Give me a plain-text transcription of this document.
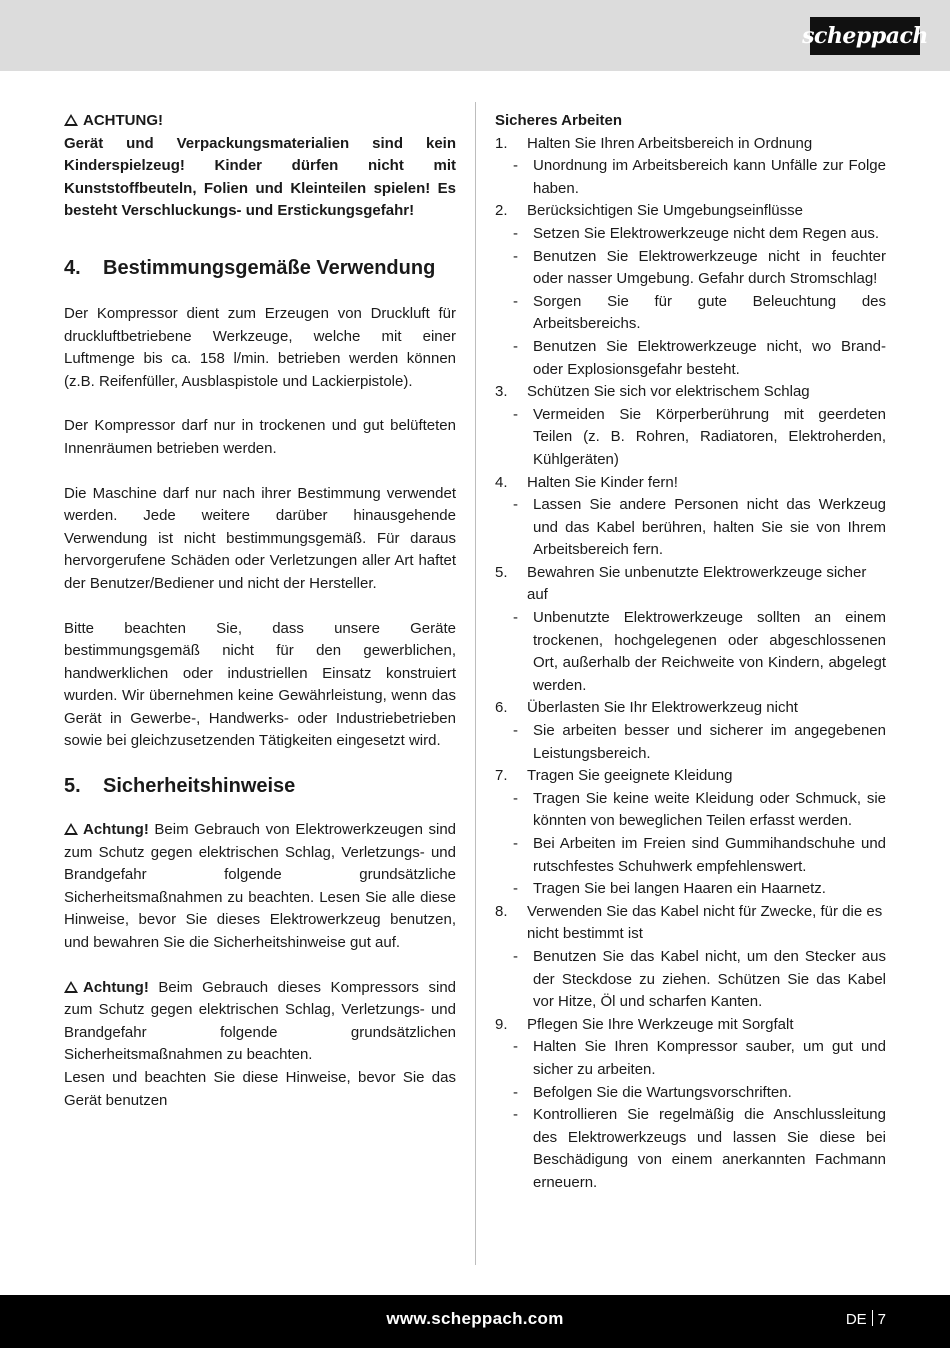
scheppach
ACHTUNG!
Gerät und Verpackungsmaterialien sind kein Kinderspielzeug! Kinder dürfen nicht mit Kunststoffbeuteln, Folien und Kleinteilen spielen! Es besteht Verschluckungs- und Erstickungsgefahr!
4.	Bestimmungsgemäße Verwendung

Der Kompressor dient zum Erzeugen von Druckluft für druckluftbetriebene Werkzeuge, welche mit einer Luftmenge bis ca. 158 l/min. betrieben werden können (z.B. Reifenfüller, Ausblaspistole und Lackierpistole).

Der Kompressor darf nur in trockenen und gut belüfteten Innenräumen betrieben werden.

Die Maschine darf nur nach ihrer Bestimmung verwendet werden. Jede weitere darüber hinausgehende Verwendung ist nicht bestimmungsgemäß. Für daraus hervorgerufene Schäden oder Verletzungen aller Art haftet der Benutzer/Bediener und nicht der Hersteller.

Bitte beachten Sie, dass unsere Geräte bestimmungsgemäß nicht für den gewerblichen, handwerklichen oder industriellen Einsatz konstruiert wurden. Wir übernehmen keine Gewährleistung, wenn das Gerät in Gewerbe-, Handwerks- oder Industriebetrieben sowie bei gleichzusetzenden Tätigkeiten eingesetzt wird.

5.	Sicherheitshinweise

Achtung! Beim Gebrauch von Elektrowerkzeugen sind zum Schutz gegen elektrischen Schlag, Verletzungs- und Brandgefahr folgende grundsätzliche Sicherheitsmaßnahmen zu beachten. Lesen Sie alle diese Hinweise, bevor Sie dieses Elektrowerkzeug benutzen, und bewahren Sie die Sicherheitshinweise gut auf.

Achtung! Beim Gebrauch dieses Kompressors sind zum Schutz gegen elektrischen Schlag, Verletzungs- und Brandgefahr folgende grundsätzlichen Sicherheitsmaßnahmen zu beachten.

Lesen und beachten Sie diese Hinweise, bevor Sie das Gerät benutzen

Sicheres Arbeiten
1.	Halten Sie Ihren Arbeitsbereich in Ordnung
-	Unordnung im Arbeitsbereich kann Unfälle zur Folge haben.
2.	Berücksichtigen Sie Umgebungseinflüsse
-	Setzen Sie Elektrowerkzeuge nicht dem Regen aus.
-	Benutzen Sie Elektrowerkzeuge nicht in feuchter oder nasser Umgebung. Gefahr durch Stromschlag!
-	Sorgen Sie für gute Beleuchtung des Arbeitsbereichs.
-	Benutzen Sie Elektrowerkzeuge nicht, wo Brand- oder Explosionsgefahr besteht.
3.	Schützen Sie sich vor elektrischem Schlag
-	Vermeiden Sie Körperberührung mit geerdeten Teilen (z. B. Rohren, Radiatoren, Elektroherden, Kühlgeräten)
4.	Halten Sie Kinder fern!
-	Lassen Sie andere Personen nicht das Werkzeug und das Kabel berühren, halten Sie sie von Ihrem Arbeitsbereich fern.
5.	Bewahren Sie unbenutzte Elektrowerkzeuge sicher auf
-	Unbenutzte Elektrowerkzeuge sollten an einem trockenen, hochgelegenen oder abgeschlossenen Ort, außerhalb der Reichweite von Kindern, abgelegt werden.
6.	Überlasten Sie Ihr Elektrowerkzeug nicht
-	Sie arbeiten besser und sicherer im angegebenen Leistungsbereich.
7.	Tragen Sie geeignete Kleidung
-	Tragen Sie keine weite Kleidung oder Schmuck, sie könnten von beweglichen Teilen erfasst werden.
-	Bei Arbeiten im Freien sind Gummihandschuhe und rutschfestes Schuhwerk empfehlenswert.
-	Tragen Sie bei langen Haaren ein Haarnetz.
8.	Verwenden Sie das Kabel nicht für Zwecke, für die es nicht bestimmt ist
-	Benutzen Sie das Kabel nicht, um den Stecker aus der Steckdose zu ziehen. Schützen Sie das Kabel vor Hitze, Öl und scharfen Kanten.
9.	Pflegen Sie Ihre Werkzeuge mit Sorgfalt
-	Halten Sie Ihren Kompressor sauber, um gut und sicher zu arbeiten.
-	Befolgen Sie die Wartungsvorschriften.
-	Kontrollieren Sie regelmäßig die Anschlussleitung des Elektrowerkzeugs und lassen Sie diese bei Beschädigung von einem anerkannten Fachmann erneuern.
www.scheppach.com	DE 7
